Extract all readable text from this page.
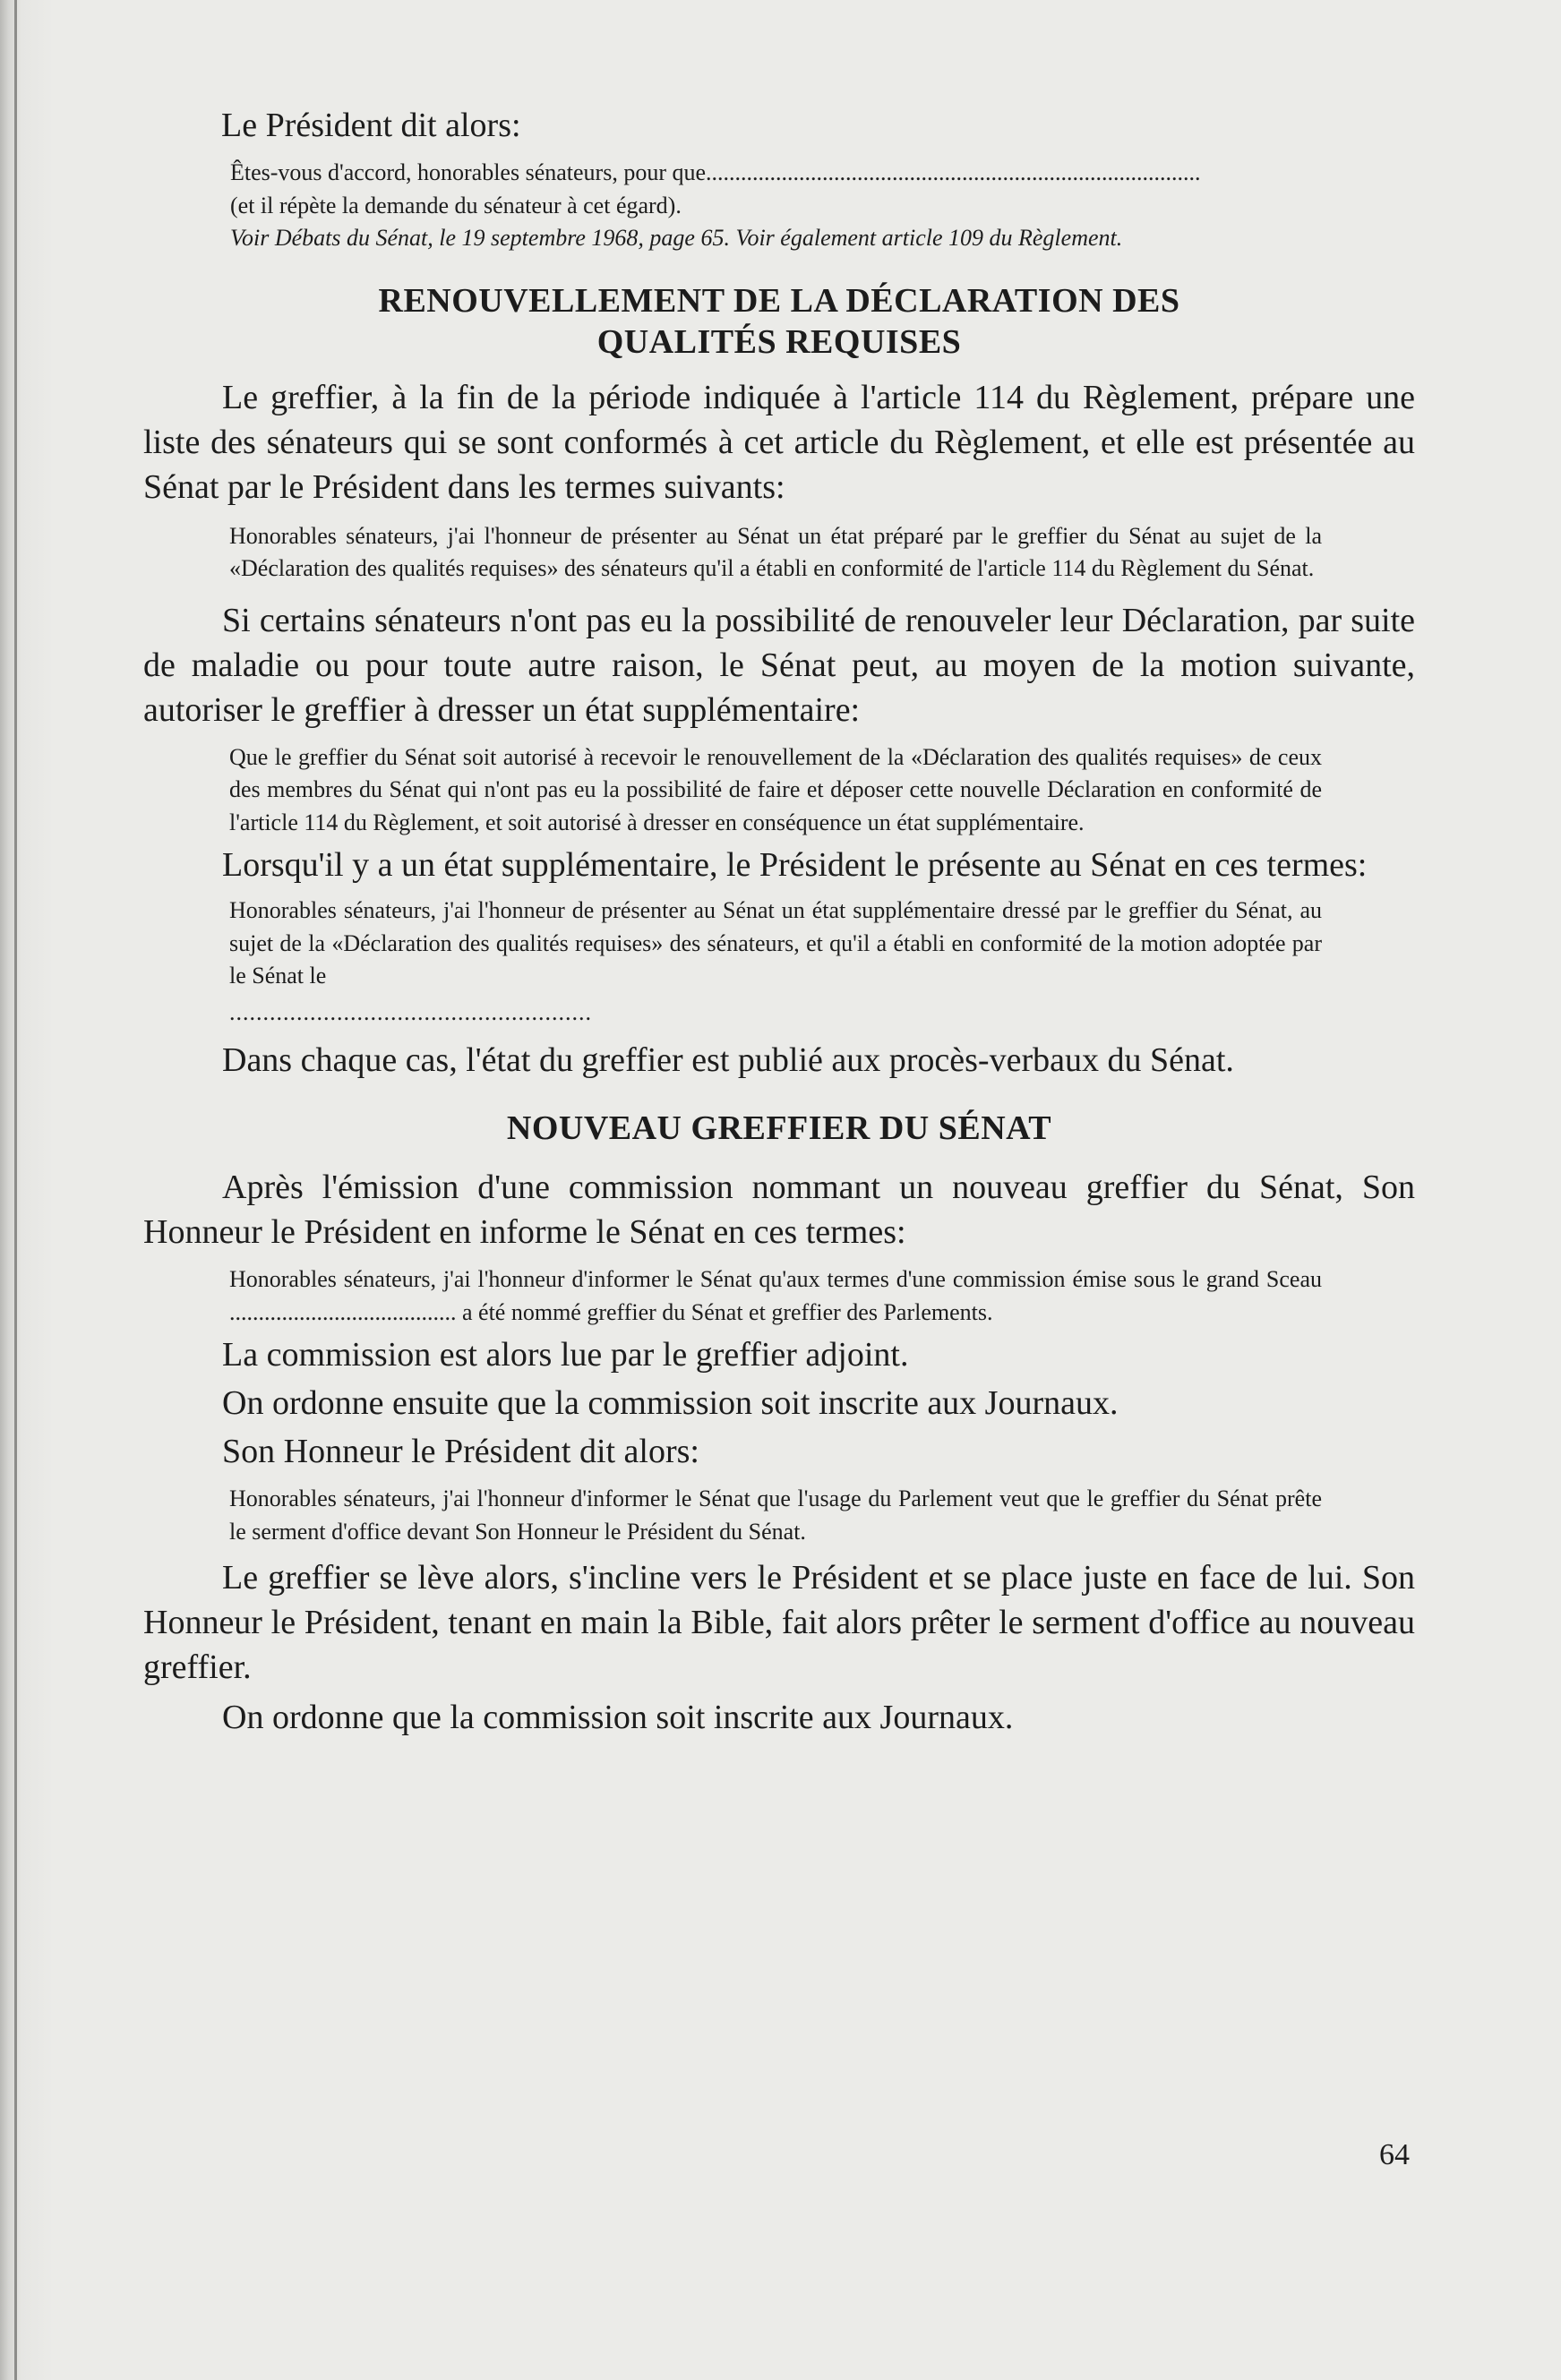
Le Président dit alors:

Êtes-vous d'accord, honorables sénateurs, pour que.....................................................................................
(et il répète la demande du sénateur à cet égard).
Voir Débats du Sénat, le 19 septembre 1968, page 65. Voir également article 109 du Règlement.
RENOUVELLEMENT DE LA DÉCLARATION DES QUALITÉS REQUISES

Le greffier, à la fin de la période indiquée à l'article 114 du Règlement, prépare une liste des sénateurs qui se sont conformés à cet article du Règlement, et elle est présentée au Sénat par le Président dans les termes suivants:

Honorables sénateurs, j'ai l'honneur de présenter au Sénat un état préparé par le greffier du Sénat au sujet de la «Déclaration des qualités requises» des sénateurs qu'il a établi en conformité de l'article 114 du Règlement du Sénat.

Si certains sénateurs n'ont pas eu la possibilité de renouveler leur Déclaration, par suite de maladie ou pour toute autre raison, le Sénat peut, au moyen de la motion suivante, autoriser le greffier à dresser un état supplémentaire:

Que le greffier du Sénat soit autorisé à recevoir le renouvellement de la «Déclaration des qualités requises» de ceux des membres du Sénat qui n'ont pas eu la possibilité de faire et déposer cette nouvelle Déclaration en conformité de l'article 114 du Règlement, et soit autorisé à dresser en conséquence un état supplémentaire.

Lorsqu'il y a un état supplémentaire, le Président le présente au Sénat en ces termes:

Honorables sénateurs, j'ai l'honneur de présenter au Sénat un état supplémentaire dressé par le greffier du Sénat, au sujet de la «Déclaration des qualités requises» des sénateurs, et qu'il a établi en conformité de la motion adoptée par le Sénat le
......................................................

Dans chaque cas, l'état du greffier est publié aux procès-verbaux du Sénat.

NOUVEAU GREFFIER DU SÉNAT

Après l'émission d'une commission nommant un nouveau greffier du Sénat, Son Honneur le Président en informe le Sénat en ces termes:

Honorables sénateurs, j'ai l'honneur d'informer le Sénat qu'aux termes d'une commission émise sous le grand Sceau ....................................... a été nommé greffier du Sénat et greffier des Parlements.

La commission est alors lue par le greffier adjoint.

On ordonne ensuite que la commission soit inscrite aux Journaux.

Son Honneur le Président dit alors:

Honorables sénateurs, j'ai l'honneur d'informer le Sénat que l'usage du Parlement veut que le greffier du Sénat prête le serment d'office devant Son Honneur le Président du Sénat.

Le greffier se lève alors, s'incline vers le Président et se place juste en face de lui. Son Honneur le Président, tenant en main la Bible, fait alors prêter le serment d'office au nouveau greffier.

On ordonne que la commission soit inscrite aux Journaux.

64
